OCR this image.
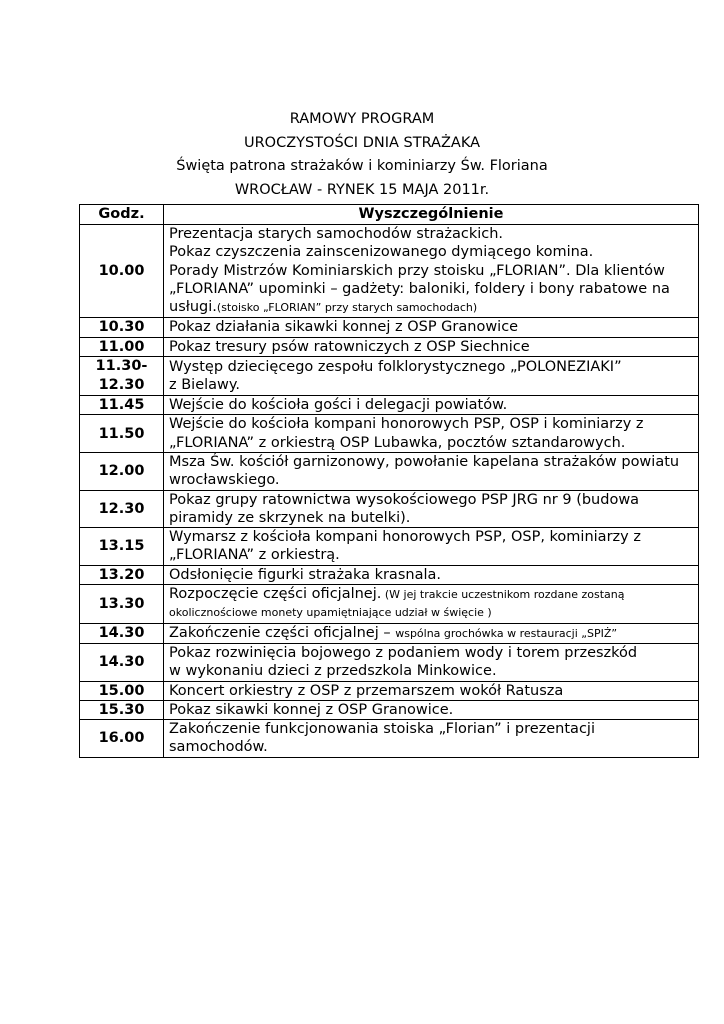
RAMOWY PROGRAM
UROCZYSTOŚCI DNIA STRAŻAKA
Święta patrona strażaków i kominiarzy Św. Floriana
WROCŁAW - RYNEK 15 MAJA 2011r.
Godz.	Wyszczególnienie
10.00	Prezentacja starych samochodów strażackich.
Pokaz czyszczenia zainscenizowanego dymiącego komina.
Porady Mistrzów Kominiarskich przy stoisku „FLORIAN”. Dla klientów
„FLORIANA” upominki – gadżety: baloniki, foldery i bony rabatowe na
usługi.(stoisko „FLORIAN” przy starych samochodach)

10.30	Pokaz działania sikawki konnej z OSP Granowice

11.00	Pokaz tresury psów ratowniczych z OSP Siechnice

11.30-
12.30	Występ dziecięcego zespołu folklorystycznego „POLONEZIAKI”
z Bielawy.

11.45	Wejście do kościoła gości i delegacji powiatów.

11.50	Wejście do kościoła kompani honorowych PSP, OSP i kominiarzy z
„FLORIANA” z orkiestrą OSP Lubawka, pocztów sztandarowych.

12.00	Msza Św. kościół garnizonowy, powołanie kapelana strażaków powiatu
wrocławskiego.

12.30	Pokaz grupy ratownictwa wysokościowego PSP JRG nr 9 (budowa
piramidy ze skrzynek na butelki).

13.15	Wymarsz z kościoła kompani honorowych PSP, OSP, kominiarzy z
„FLORIANA” z orkiestrą.

13.20	Odsłonięcie figurki strażaka krasnala.

13.30	Rozpoczęcie części oficjalnej. (W jej trakcie uczestnikom rozdane zostaną
okolicznościowe monety upamiętniające udział w święcie )

14.30	Zakończenie części oficjalnej – wspólna grochówka w restauracji „SPIŻ”

14.30	Pokaz rozwinięcia bojowego z podaniem wody i torem przeszkód
w wykonaniu dzieci z przedszkola Minkowice.

15.00	Koncert orkiestry z OSP z przemarszem wokół Ratusza

15.30	Pokaz sikawki konnej z OSP Granowice.

16.00	Zakończenie funkcjonowania stoiska „Florian” i prezentacji
samochodów.
